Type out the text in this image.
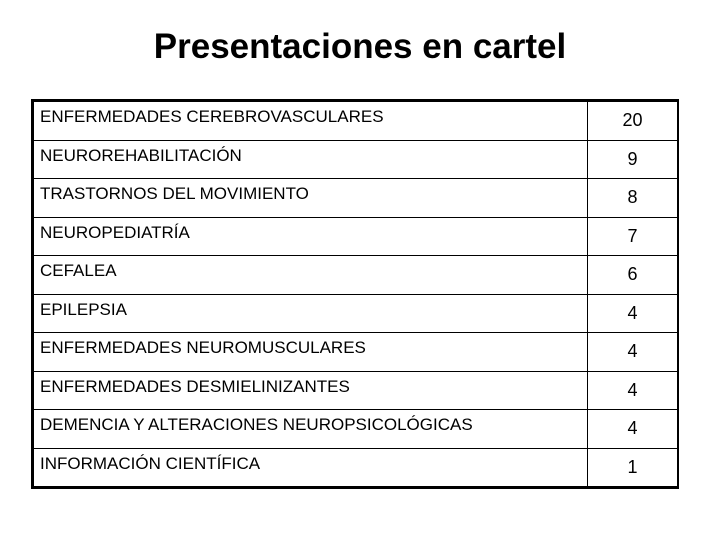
Presentaciones en cartel
ENFERMEDADES CEREBROVASCULARES	20
NEUROREHABILITACIÓN	9
TRASTORNOS DEL MOVIMIENTO	8
NEUROPEDIATRÍA	7
CEFALEA	6
EPILEPSIA	4
ENFERMEDADES NEUROMUSCULARES	4
ENFERMEDADES DESMIELINIZANTES	4
DEMENCIA Y ALTERACIONES NEUROPSICOLÓGICAS	4
INFORMACIÓN CIENTÍFICA	1
